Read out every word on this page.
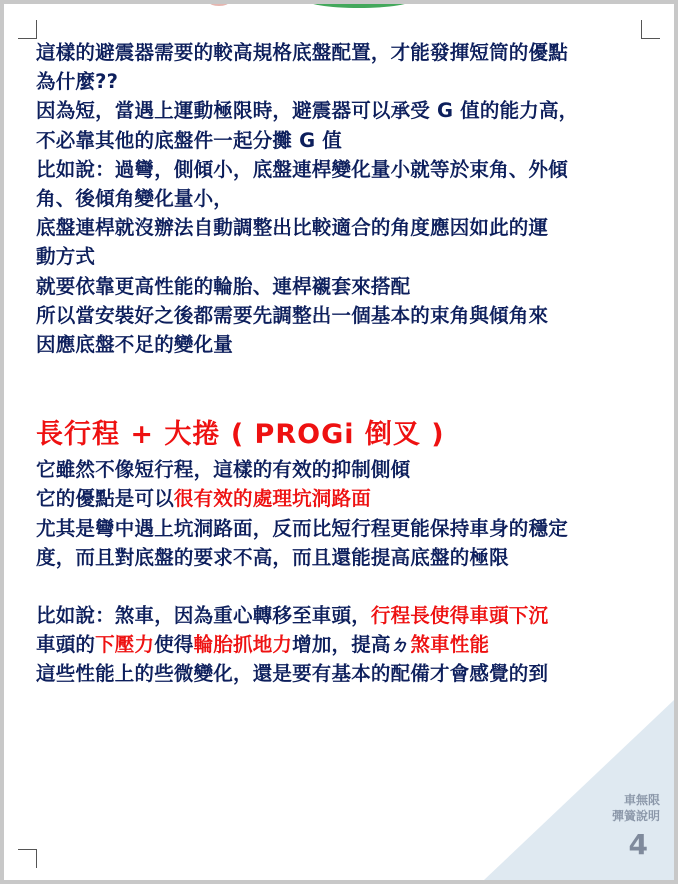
這樣的避震器需要的較高規格底盤配置，才能發揮短筒的優點
為什麼??
因為短，當遇上運動極限時，避震器可以承受 G 值的能力高，
不必靠其他的底盤件一起分攤 G 值
比如說：過彎，側傾小，底盤連桿變化量小就等於束角、外傾
角、後傾角變化量小，
底盤連桿就沒辦法自動調整出比較適合的角度應因如此的運
動方式
就要依靠更高性能的輪胎、連桿襯套來搭配
所以當安裝好之後都需要先調整出一個基本的束角與傾角來
因應底盤不足的變化量
長行程 + 大捲 ( PROGi 倒叉 )
它雖然不像短行程，這樣的有效的抑制側傾
它的優點是可以很有效的處理坑洞路面
尤其是彎中遇上坑洞路面，反而比短行程更能保持車身的穩定
度，而且對底盤的要求不高，而且還能提高底盤的極限
比如說：煞車，因為重心轉移至車頭，行程長使得車頭下沉
車頭的下壓力使得輪胎抓地力增加，提高ㄉ煞車性能
這些性能上的些微變化，還是要有基本的配備才會感覺的到
車無限
彈簧說明
4
